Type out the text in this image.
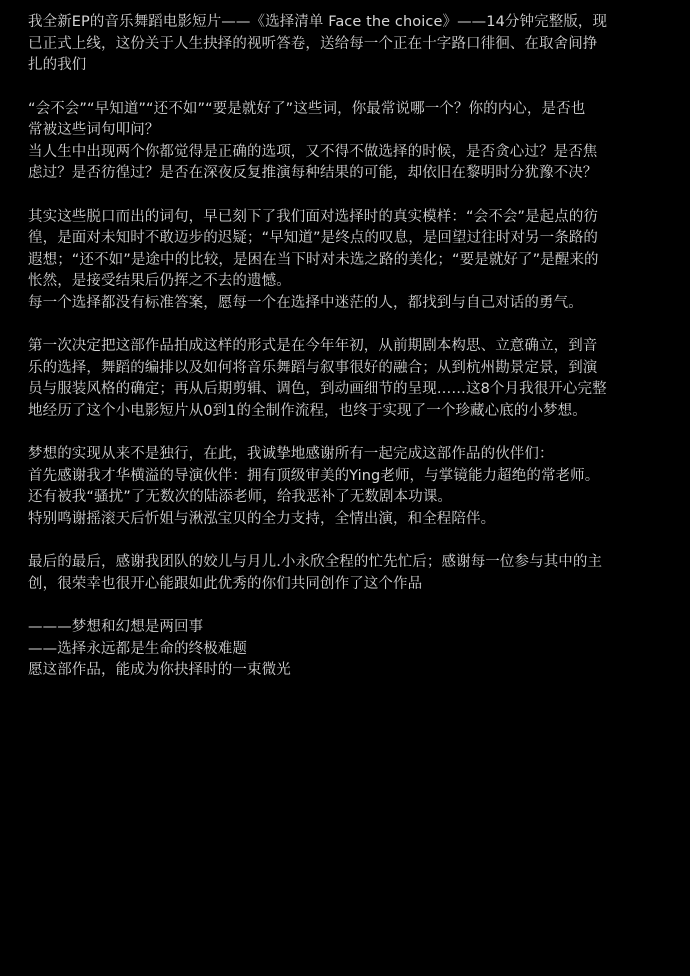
我全新EP的音乐舞蹈电影短片——《选择清单 Face the choice》——14分钟完整版，现
已正式上线，这份关于人生抉择的视听答卷，送给每一个正在十字路口徘徊、在取舍间挣
扎的我们
“会不会”“早知道”“还不如”“要是就好了”这些词，你最常说哪一个？你的内心，是否也
常被这些词句叩问？
当人生中出现两个你都觉得是正确的选项，又不得不做选择的时候，是否贪心过？是否焦
虑过？是否彷徨过？是否在深夜反复推演每种结果的可能，却依旧在黎明时分犹豫不决？
其实这些脱口而出的词句，早已刻下了我们面对选择时的真实模样：“会不会”是起点的彷
徨，是面对未知时不敢迈步的迟疑；“早知道”是终点的叹息，是回望过往时对另一条路的
遐想；“还不如”是途中的比较，是困在当下时对未选之路的美化；“要是就好了”是醒来的
怅然，是接受结果后仍挥之不去的遗憾。
每一个选择都没有标准答案，愿每一个在选择中迷茫的人，都找到与自己对话的勇气。
第一次决定把这部作品拍成这样的形式是在今年年初，从前期剧本构思、立意确立，到音
乐的选择，舞蹈的编排以及如何将音乐舞蹈与叙事很好的融合；从到杭州勘景定景，到演
员与服装风格的确定；再从后期剪辑、调色，到动画细节的呈现……这8个月我很开心完整
地经历了这个小电影短片从0到1的全制作流程，也终于实现了一个珍藏心底的小梦想。
梦想的实现从来不是独行，在此，我诚挚地感谢所有一起完成这部作品的伙伴们：
首先感谢我才华横溢的导演伙伴：拥有顶级审美的Ying老师，与掌镜能力超绝的常老师。
还有被我“骚扰”了无数次的陆添老师，给我恶补了无数剧本功课。
特别鸣谢摇滚天后忻姐与湫泓宝贝的全力支持，全情出演，和全程陪伴。
最后的最后，感谢我团队的姣儿与月儿.小永欣全程的忙先忙后；感谢每一位参与其中的主
创，很荣幸也很开心能跟如此优秀的你们共同创作了这个作品
———梦想和幻想是两回事
——选择永远都是生命的终极难题
愿这部作品，能成为你抉择时的一束微光
